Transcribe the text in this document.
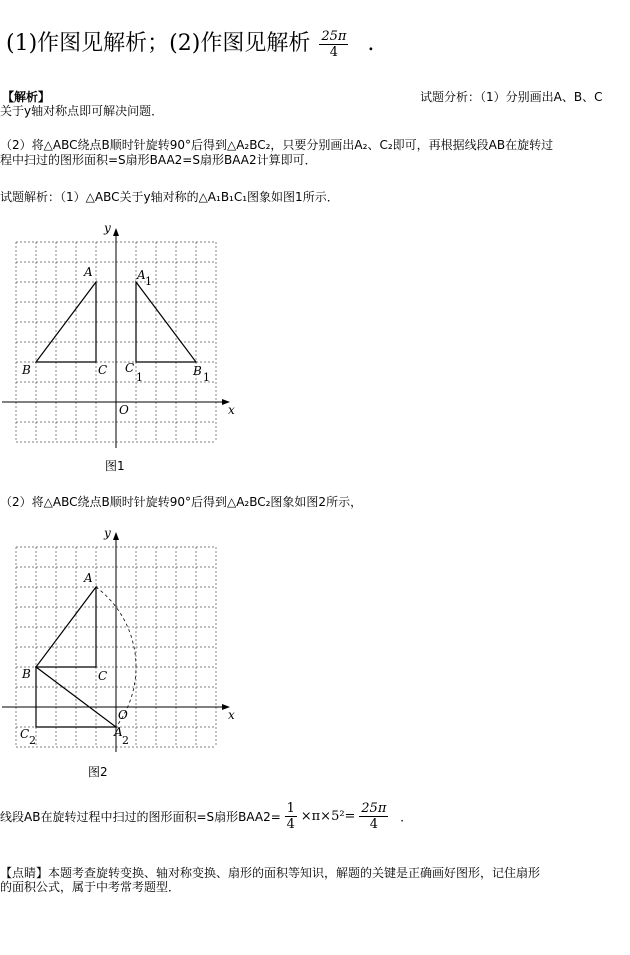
(1)作图见解析；(2)作图见解析 $\frac{25\pi}{4}$ .
【解析】	试题分析：（1）分别画出A、B、C
关于y轴对称点即可解决问题．
（2）将△ABC绕点B顺时针旋转90°后得到△A₂BC₂，只要分别画出A₂、C₂即可，再根据线段AB在旋转过
程中扫过的图形面积=S扇形BAA2=S扇形BAA2计算即可．
试题解析：（1）△ABC关于y轴对称的△A₁B₁C₁图象如图1所示．
y
x
O
A
B	C
A 1
C
1	B 1
图1
（2）将△ABC绕点B顺时针旋转90°后得到△A₂BC₂图象如图2所示，
y
x
O
A
B	C
C 2
A
2
图2
线段AB在旋转过程中扫过的图形面积=S扇形$BAA2= \frac{1}{4} \times\pi\times 5^2= \frac{25\pi}{4}$ ．
【点睛】本题考查旋转变换、轴对称变换、扇形的面积等知识，解题的关键是正确画好图形，记住扇形
的面积公式，属于中考常考题型．
